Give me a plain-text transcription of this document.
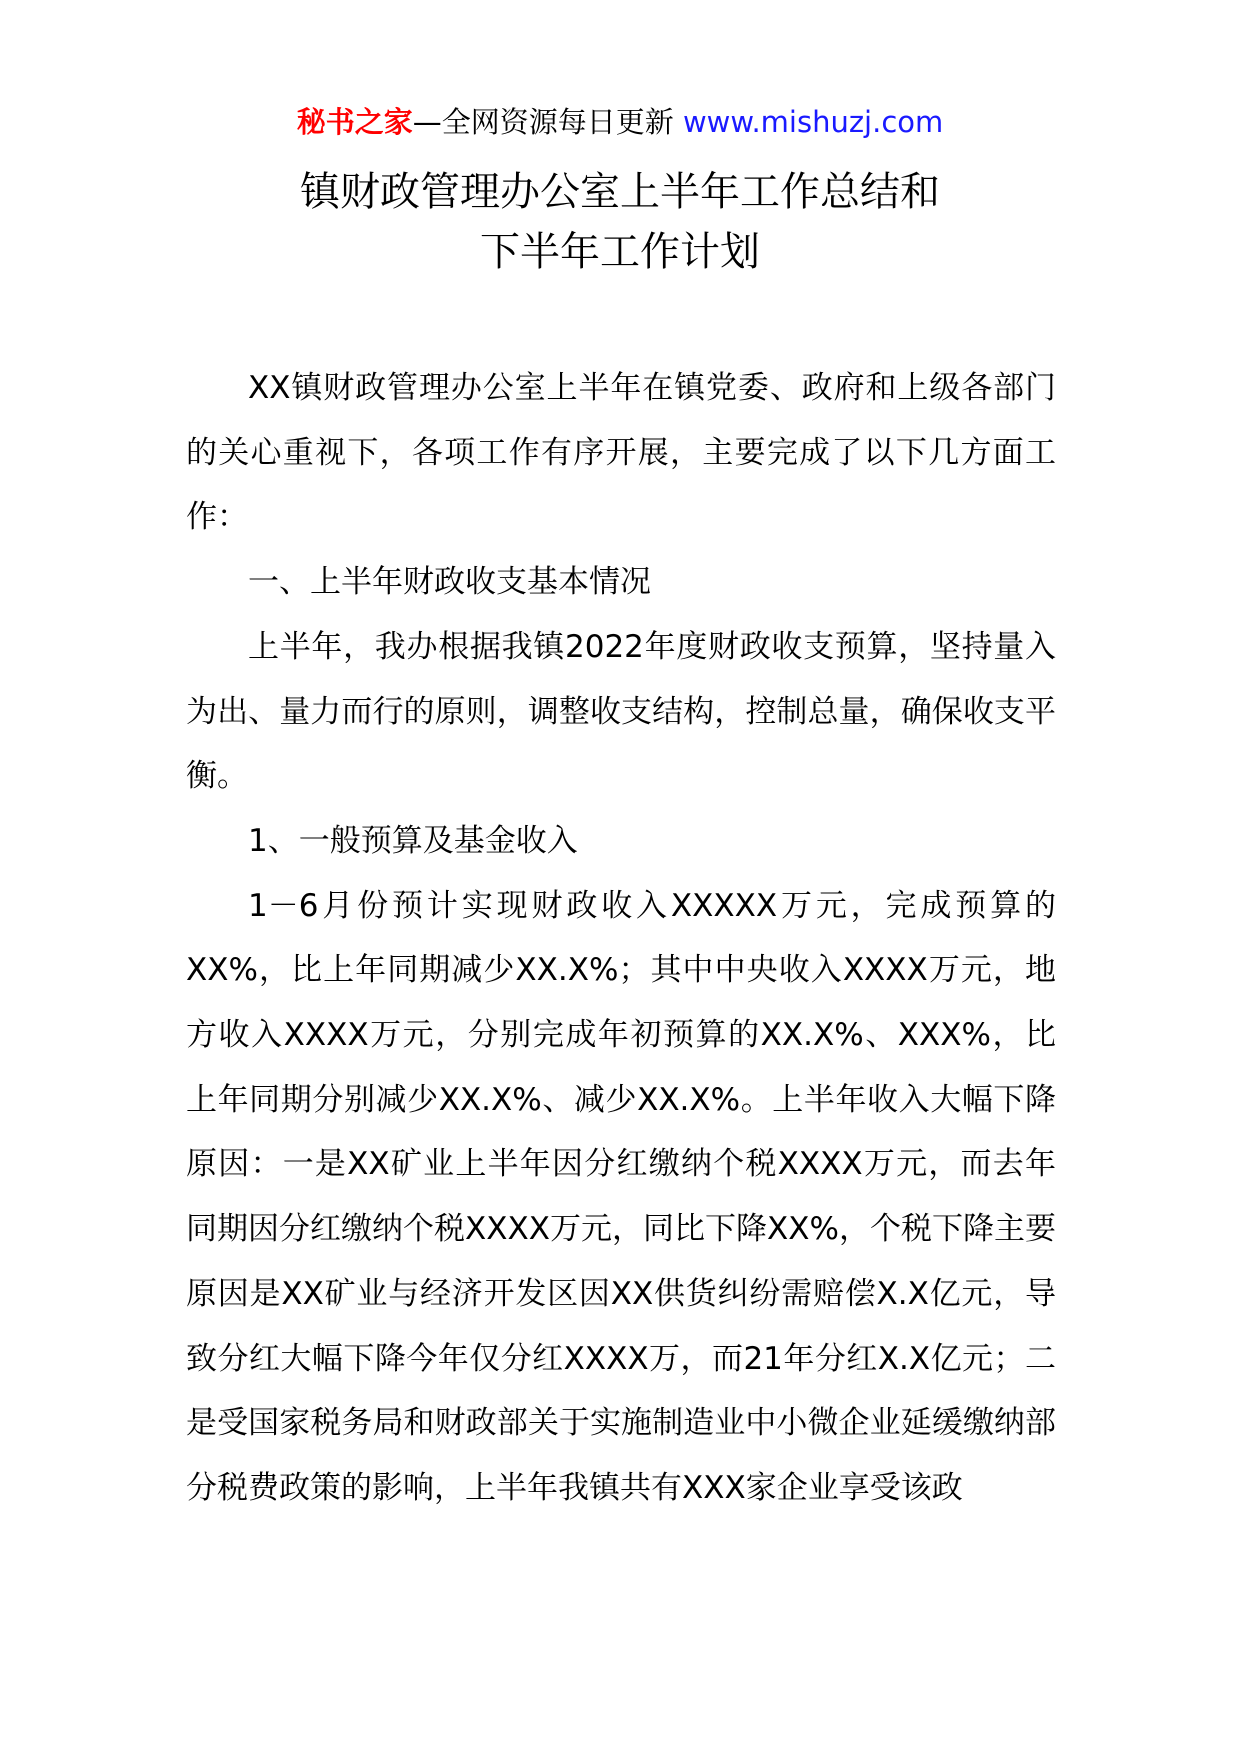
秘书之家—全网资源每日更新 www.mishuzj.com
镇财政管理办公室上半年工作总结和
下半年工作计划

XX镇财政管理办公室上半年在镇党委、政府和上级各部门的关心重视下，各项工作有序开展，主要完成了以下几方面工作：

一、上半年财政收支基本情况

上半年，我办根据我镇2022年度财政收支预算，坚持量入为出、量力而行的原则，调整收支结构，控制总量，确保收支平衡。

1、一般预算及基金收入

1－6月份预计实现财政收入XXXXX万元，完成预算的XX%，比上年同期减少XX.X%；其中中央收入XXXX万元，地方收入XXXX万元，分别完成年初预算的XX.X%、XXX%，比上年同期分别减少XX.X%、减少XX.X%。上半年收入大幅下降原因：一是XX矿业上半年因分红缴纳个税XXXX万元，而去年同期因分红缴纳个税XXXX万元，同比下降XX%，个税下降主要原因是XX矿业与经济开发区因XX供货纠纷需赔偿X.X亿元，导致分红大幅下降今年仅分红XXXX万，而21年分红X.X亿元；二是受国家税务局和财政部关于实施制造业中小微企业延缓缴纳部分税费政策的影响，上半年我镇共有XXX家企业享受该政
